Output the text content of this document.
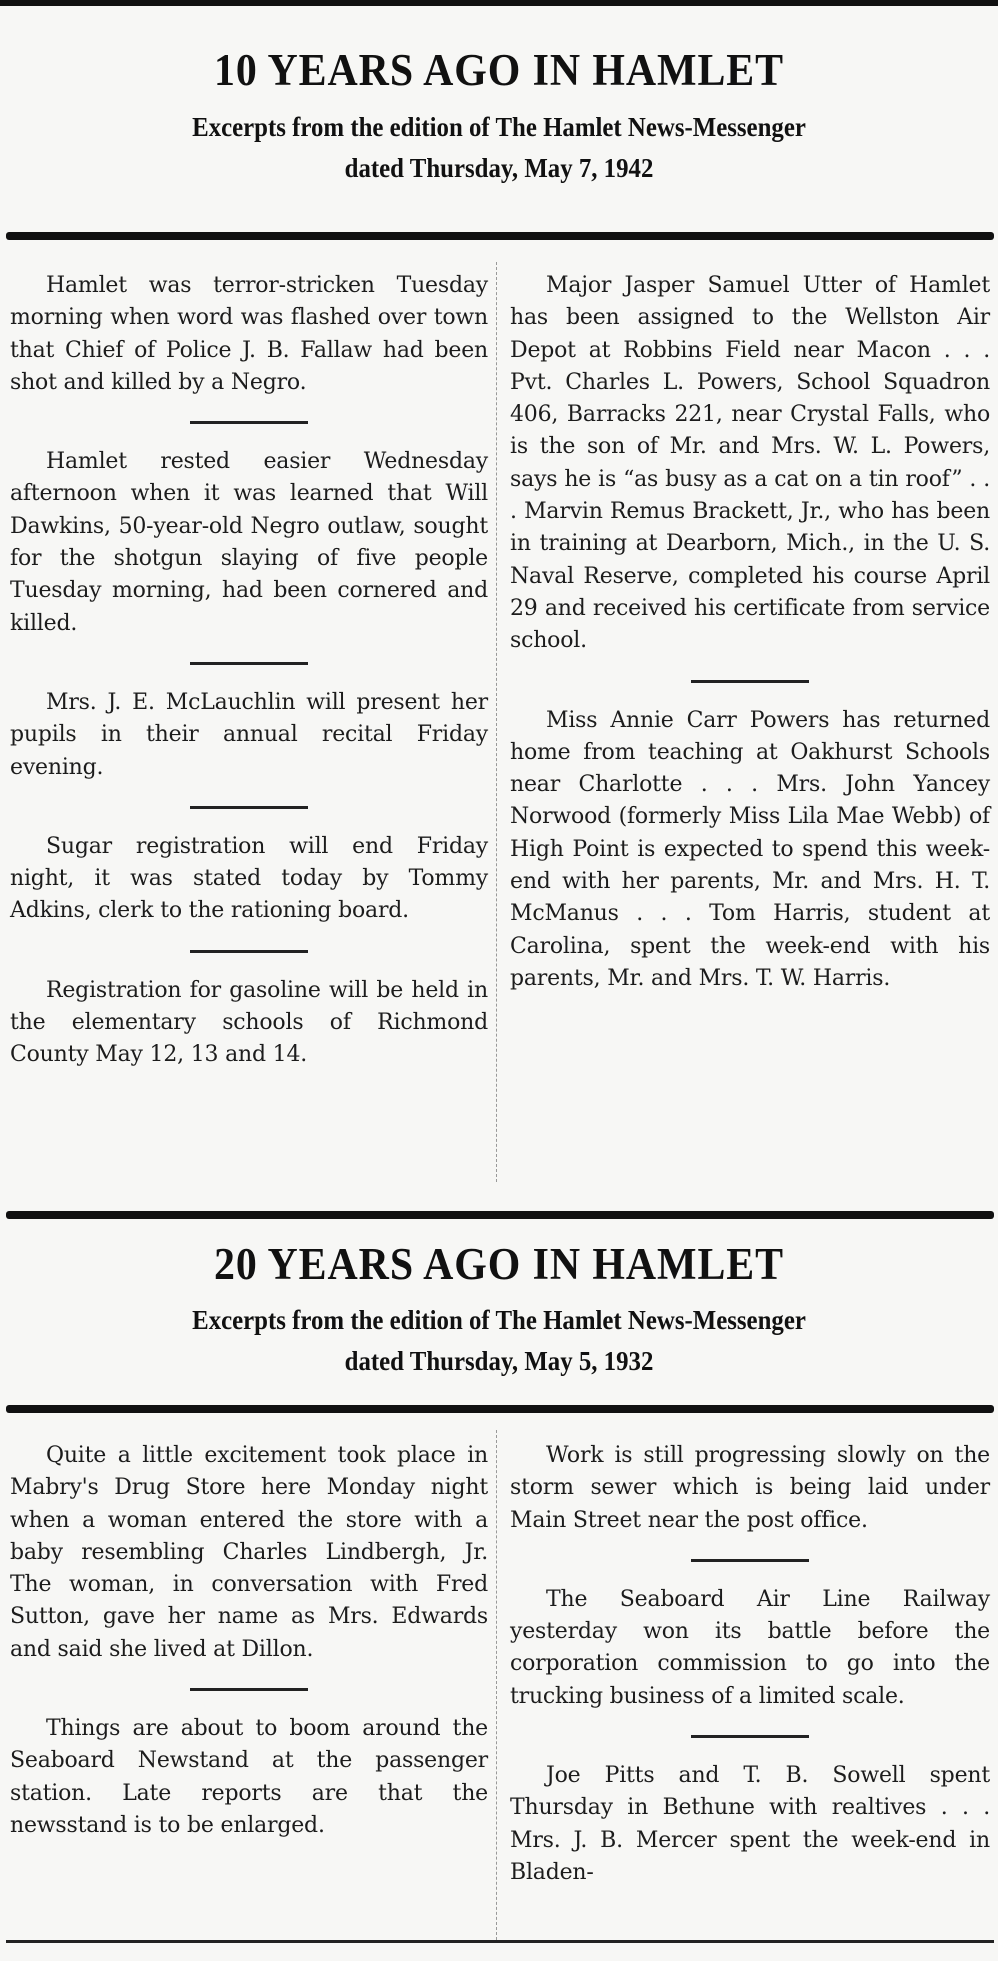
10 YEARS AGO IN HAMLET

Excerpts from the edition of The Hamlet News-Messenger

dated Thursday, May 7, 1942

Hamlet was terror-stricken Tuesday morning when word was flashed over town that Chief of Police J. B. Fallaw had been shot and killed by a Negro.

Hamlet rested easier Wednesday afternoon when it was learned that Will Dawkins, 50-year-old Negro outlaw, sought for the shotgun slaying of five people Tuesday morning, had been cornered and killed.

Mrs. J. E. McLauchlin will present her pupils in their annual recital Friday evening.

Sugar registration will end Friday night, it was stated today by Tommy Adkins, clerk to the rationing board.

Registration for gasoline will be held in the elementary schools of Richmond County May 12, 13 and 14.

Major Jasper Samuel Utter of Hamlet has been assigned to the Wellston Air Depot at Robbins Field near Macon . . . Pvt. Charles L. Powers, School Squadron 406, Barracks 221, near Crystal Falls, who is the son of Mr. and Mrs. W. L. Powers, says he is “as busy as a cat on a tin roof” . . . Marvin Remus Brackett, Jr., who has been in training at Dearborn, Mich., in the U. S. Naval Reserve, completed his course April 29 and received his certificate from service school.

Miss Annie Carr Powers has returned home from teaching at Oakhurst Schools near Charlotte . . . Mrs. John Yancey Norwood (formerly Miss Lila Mae Webb) of High Point is expected to spend this week-end with her parents, Mr. and Mrs. H. T. McManus . . . Tom Harris, student at Carolina, spent the week-end with his parents, Mr. and Mrs. T. W. Harris.

20 YEARS AGO IN HAMLET

Excerpts from the edition of The Hamlet News-Messenger

dated Thursday, May 5, 1932

Quite a little excitement took place in Mabry's Drug Store here Monday night when a woman entered the store with a baby resembling Charles Lindbergh, Jr. The woman, in conversation with Fred Sutton, gave her name as Mrs. Edwards and said she lived at Dillon.

Things are about to boom around the Seaboard Newstand at the passenger station. Late reports are that the newsstand is to be enlarged.

Work is still progressing slowly on the storm sewer which is being laid under Main Street near the post office.

The Seaboard Air Line Railway yesterday won its battle before the corporation commission to go into the trucking business of a limited scale.

Joe Pitts and T. B. Sowell spent Thursday in Bethune with realtives . . . Mrs. J. B. Mercer spent the week-end in Bladen-
